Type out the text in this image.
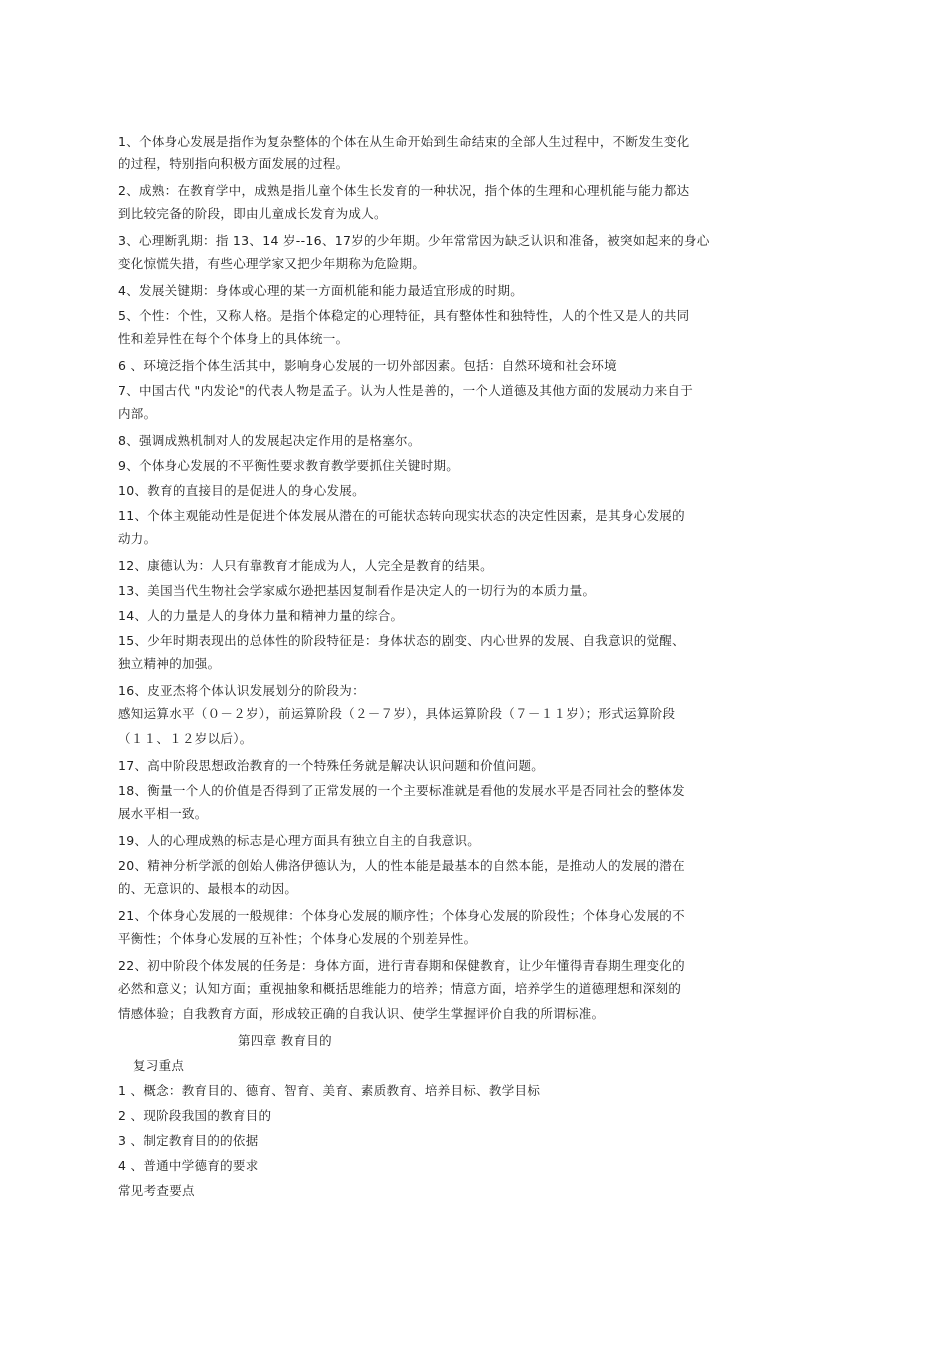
1、个体身心发展是指作为复杂整体的个体在从生命开始到生命结束的全部人生过程中，不断发生变化
的过程，特别指向积极方面发展的过程。
2、成熟：在教育学中，成熟是指儿童个体生长发育的一种状况，指个体的生理和心理机能与能力都达
到比较完备的阶段，即由儿童成长发育为成人。
3、心理断乳期：指 13、14 岁--16、17岁的少年期。少年常常因为缺乏认识和准备，被突如起来的身心
变化惊慌失措，有些心理学家又把少年期称为危险期。
4、发展关键期：身体或心理的某一方面机能和能力最适宜形成的时期。
5、个性：个性，又称人格。是指个体稳定的心理特征，具有整体性和独特性，人的个性又是人的共同
性和差异性在每个个体身上的具体统一。
6 、环境泛指个体生活其中，影响身心发展的一切外部因素。包括：自然环境和社会环境
7、中国古代 "内发论"的代表人物是孟子。认为人性是善的，一个人道德及其他方面的发展动力来自于
内部。
8、强调成熟机制对人的发展起决定作用的是格塞尔。
9、个体身心发展的不平衡性要求教育教学要抓住关键时期。
10、教育的直接目的是促进人的身心发展。
11、个体主观能动性是促进个体发展从潜在的可能状态转向现实状态的决定性因素，是其身心发展的
动力。
12、康德认为：人只有靠教育才能成为人，人完全是教育的结果。
13、美国当代生物社会学家威尔逊把基因复制看作是决定人的一切行为的本质力量。
14、人的力量是人的身体力量和精神力量的综合。
15、少年时期表现出的总体性的阶段特征是：身体状态的剧变、内心世界的发展、自我意识的觉醒、
独立精神的加强。
16、皮亚杰将个体认识发展划分的阶段为：
感知运算水平（０－２岁），前运算阶段（２－７岁），具体运算阶段（７－１１岁）；形式运算阶段
（１１、１２岁以后）。
17、高中阶段思想政治教育的一个特殊任务就是解决认识问题和价值问题。
18、衡量一个人的价值是否得到了正常发展的一个主要标准就是看他的发展水平是否同社会的整体发
展水平相一致。
19、人的心理成熟的标志是心理方面具有独立自主的自我意识。
20、精神分析学派的创始人佛洛伊德认为，人的性本能是最基本的自然本能，是推动人的发展的潜在
的、无意识的、最根本的动因。
21、个体身心发展的一般规律：个体身心发展的顺序性；个体身心发展的阶段性；个体身心发展的不
平衡性；个体身心发展的互补性；个体身心发展的个别差异性。
22、初中阶段个体发展的任务是：身体方面，进行青春期和保健教育，让少年懂得青春期生理变化的
必然和意义；认知方面；重视抽象和概括思维能力的培养；情意方面，培养学生的道德理想和深刻的
情感体验；自我教育方面，形成较正确的自我认识、使学生掌握评价自我的所谓标准。
第四章 教育目的
复习重点
1 、概念：教育目的、德育、智育、美育、素质教育、培养目标、教学目标
2 、现阶段我国的教育目的
3 、制定教育目的的依据
4 、普通中学德育的要求
常见考查要点
